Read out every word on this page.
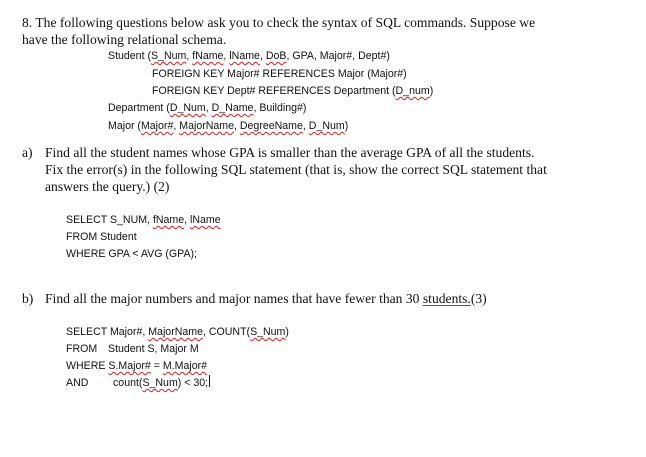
8. The following questions below ask you to check the syntax of SQL commands. Suppose we
have the following relational schema.
Student (S_Num, fName, lName, DoB, GPA, Major#, Dept#)
FOREIGN KEY Major# REFERENCES Major (Major#)
FOREIGN KEY Dept# REFERENCES Department (D_num)
Department (D_Num, D_Name, Building#)
Major (Major#, MajorName, DegreeName, D_Num)
a) Find all the student names whose GPA is smaller than the average GPA of all the students.
Fix the error(s) in the following SQL statement (that is, show the correct SQL statement that
answers the query.) (2)
SELECT S_NUM, fName, lName
FROM Student
WHERE GPA < AVG (GPA);
b) Find all the major numbers and major names that have fewer than 30 students.(3)
SELECT Major#, MajorName, COUNT(S_Num)
FROM	Student S, Major M
WHERE S.Major# = M.Major#
AND	count( S_Num ) < 30;
